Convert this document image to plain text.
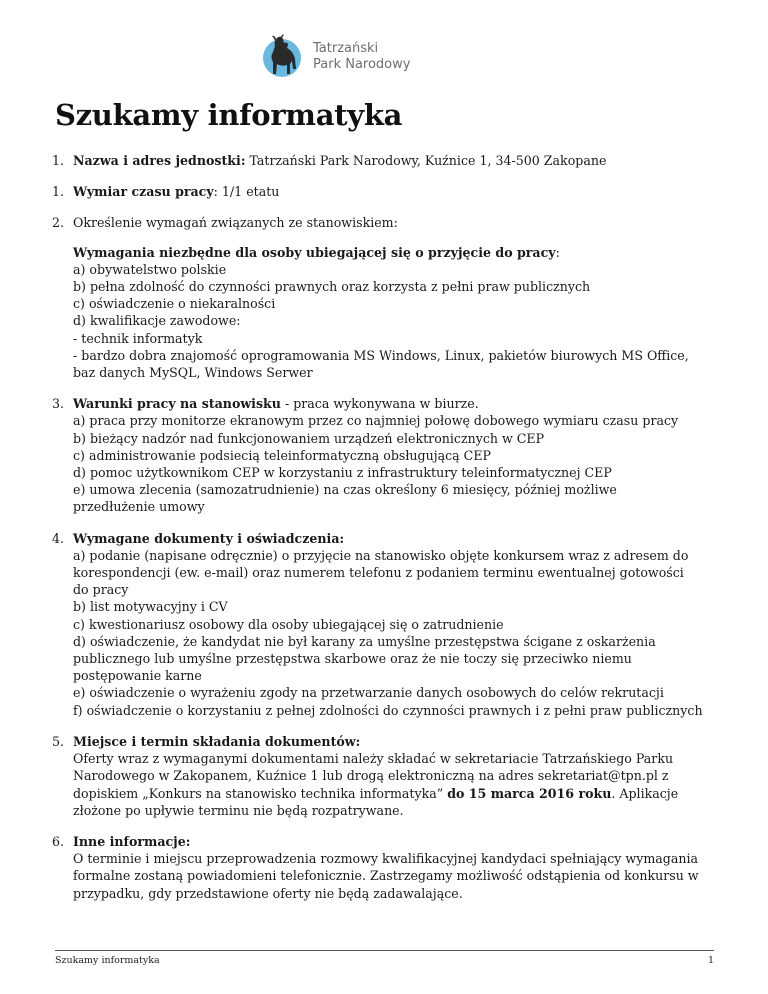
Tatrzański
Park Narodowy
Szukamy informatyka
1. Nazwa i adres jednostki: Tatrzański Park Narodowy, Kuźnice 1, 34-500 Zakopane
1. Wymiar czasu pracy: 1/1 etatu
2. Określenie wymagań związanych ze stanowiskiem:
Wymagania niezbędne dla osoby ubiegającej się o przyjęcie do pracy:
a) obywatelstwo polskie
b) pełna zdolność do czynności prawnych oraz korzysta z pełni praw publicznych
c) oświadczenie o niekaralności
d) kwalifikacje zawodowe:
- technik informatyk
- bardzo dobra znajomość oprogramowania MS Windows, Linux, pakietów biurowych MS Office,
baz danych MySQL, Windows Serwer
3. Warunki pracy na stanowisku - praca wykonywana w biurze.
a) praca przy monitorze ekranowym przez co najmniej połowę dobowego wymiaru czasu pracy
b) bieżący nadzór nad funkcjonowaniem urządzeń elektronicznych w CEP
c) administrowanie podsiecią teleinformatyczną obsługującą CEP
d) pomoc użytkownikom CEP w korzystaniu z infrastruktury teleinformatycznej CEP
e) umowa zlecenia (samozatrudnienie) na czas określony 6 miesięcy, później możliwe
przedłużenie umowy
4. Wymagane dokumenty i oświadczenia:
a) podanie (napisane odręcznie) o przyjęcie na stanowisko objęte konkursem wraz z adresem do
korespondencji (ew. e-mail) oraz numerem telefonu z podaniem terminu ewentualnej gotowości
do pracy
b) list motywacyjny i CV
c) kwestionariusz osobowy dla osoby ubiegającej się o zatrudnienie
d) oświadczenie, że kandydat nie był karany za umyślne przestępstwa ścigane z oskarżenia
publicznego lub umyślne przestępstwa skarbowe oraz że nie toczy się przeciwko niemu
postępowanie karne
e) oświadczenie o wyrażeniu zgody na przetwarzanie danych osobowych do celów rekrutacji
f) oświadczenie o korzystaniu z pełnej zdolności do czynności prawnych i z pełni praw publicznych
5. Miejsce i termin składania dokumentów:
Oferty wraz z wymaganymi dokumentami należy składać w sekretariacie Tatrzańskiego Parku
Narodowego w Zakopanem, Kuźnice 1 lub drogą elektroniczną na adres sekretariat@tpn.pl z
dopiskiem „Konkurs na stanowisko technika informatyka” do 15 marca 2016 roku. Aplikacje
złożone po upływie terminu nie będą rozpatrywane.
6. Inne informacje:
O terminie i miejscu przeprowadzenia rozmowy kwalifikacyjnej kandydaci spełniający wymagania
formalne zostaną powiadomieni telefonicznie. Zastrzegamy możliwość odstąpienia od konkursu w
przypadku, gdy przedstawione oferty nie będą zadawalające.
Szukamy informatyka	1
